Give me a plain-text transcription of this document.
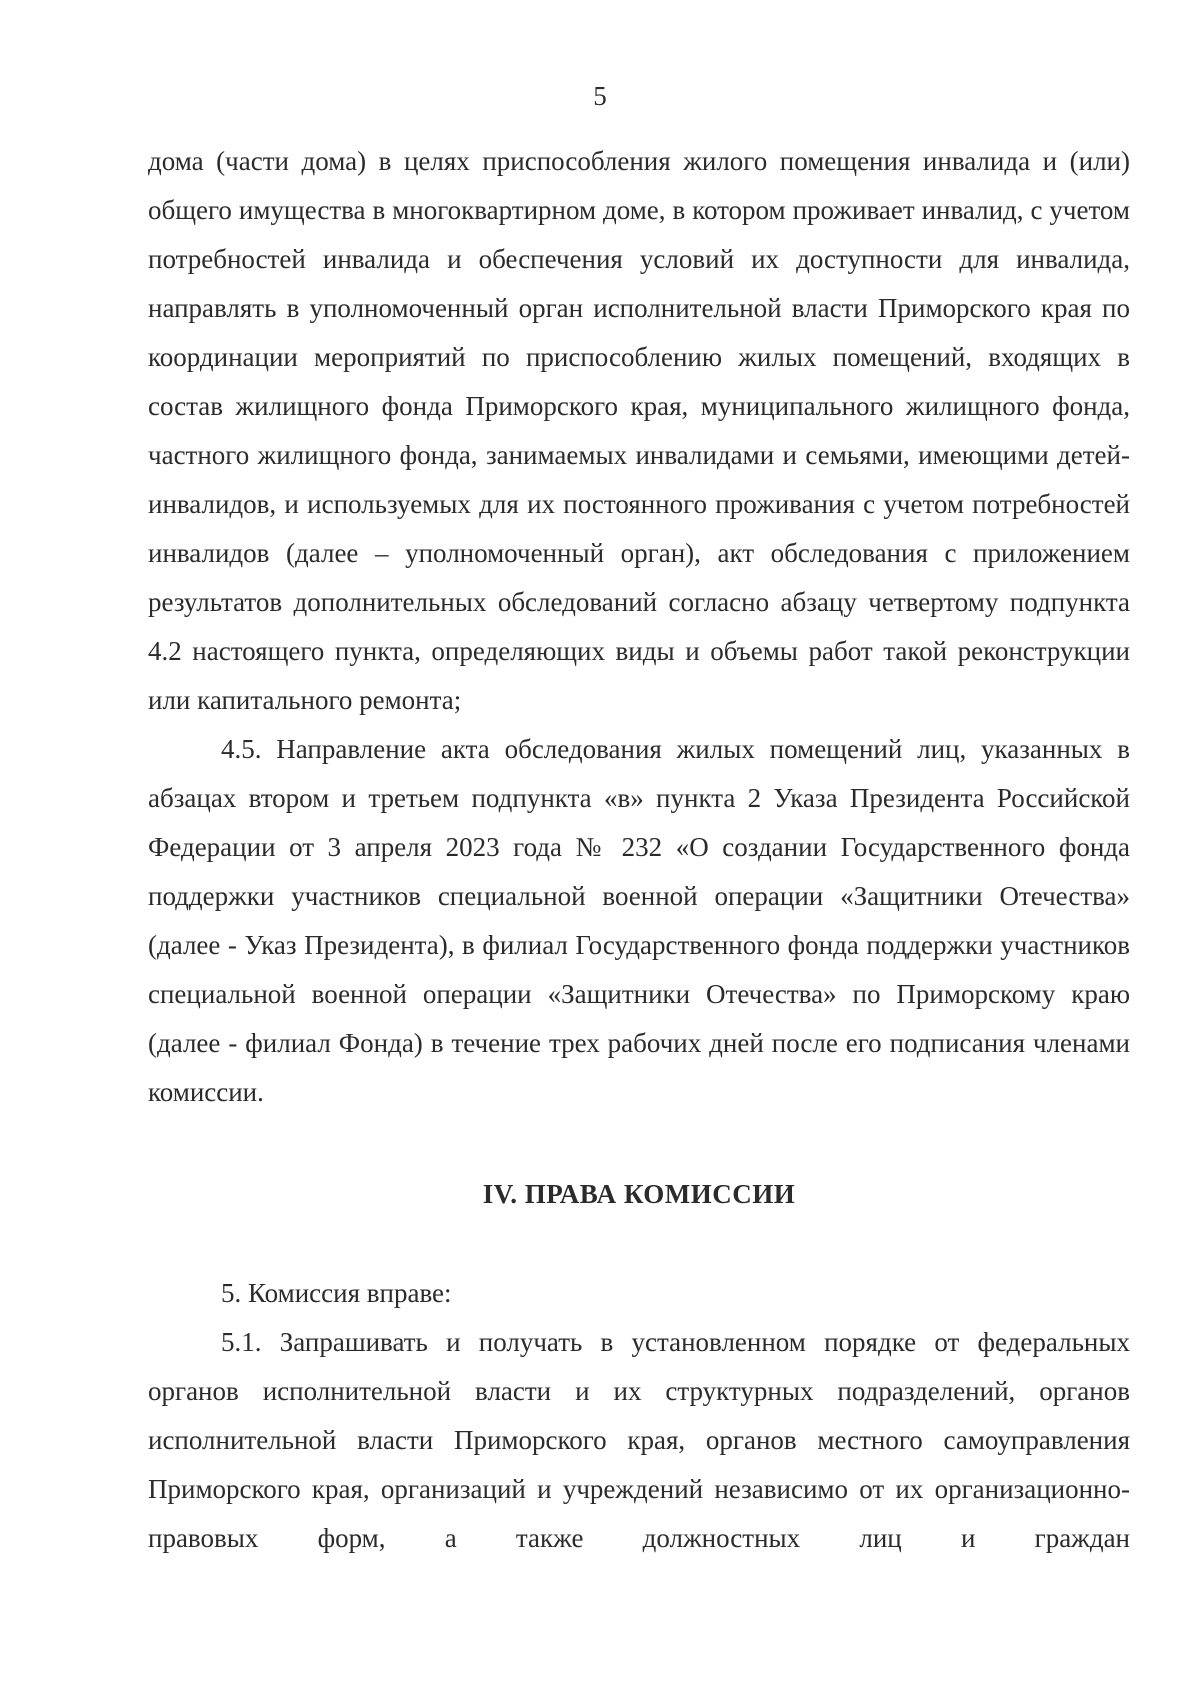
5

дома (части дома) в целях приспособления жилого помещения инвалида и (или) общего имущества в многоквартирном доме, в котором проживает инвалид, с учетом потребностей инвалида и обеспечения условий их доступности для инвалида, направлять в уполномоченный орган исполнительной власти Приморского края по координации мероприятий по приспособлению жилых помещений, входящих в состав жилищного фонда Приморского края, муниципального жилищного фонда, частного жилищного фонда, занимаемых инвалидами и семьями, имеющими детей-инвалидов, и используемых для их постоянного проживания с учетом потребностей инвалидов (далее – уполномоченный орган), акт обследования с приложением результатов дополнительных обследований согласно абзацу четвертому подпункта 4.2 настоящего пункта, определяющих виды и объемы работ такой реконструкции или капитального ремонта;

4.5. Направление акта обследования жилых помещений лиц, указанных в абзацах втором и третьем подпункта «в» пункта 2 Указа Президента Российской Федерации от 3 апреля 2023 года № 232 «О создании Государственного фонда поддержки участников специальной военной операции «Защитники Отечества» (далее - Указ Президента), в филиал Государственного фонда поддержки участников специальной военной операции «Защитники Отечества» по Приморскому краю (далее - филиал Фонда) в течение трех рабочих дней после его подписания членами комиссии.

IV. ПРАВА КОМИССИИ

5. Комиссия вправе:

5.1. Запрашивать и получать в установленном порядке от федеральных органов исполнительной власти и их структурных подразделений, органов исполнительной власти Приморского края, органов местного самоуправления Приморского края, организаций и учреждений независимо от их организационно-правовых форм, а также должностных лиц и граждан
